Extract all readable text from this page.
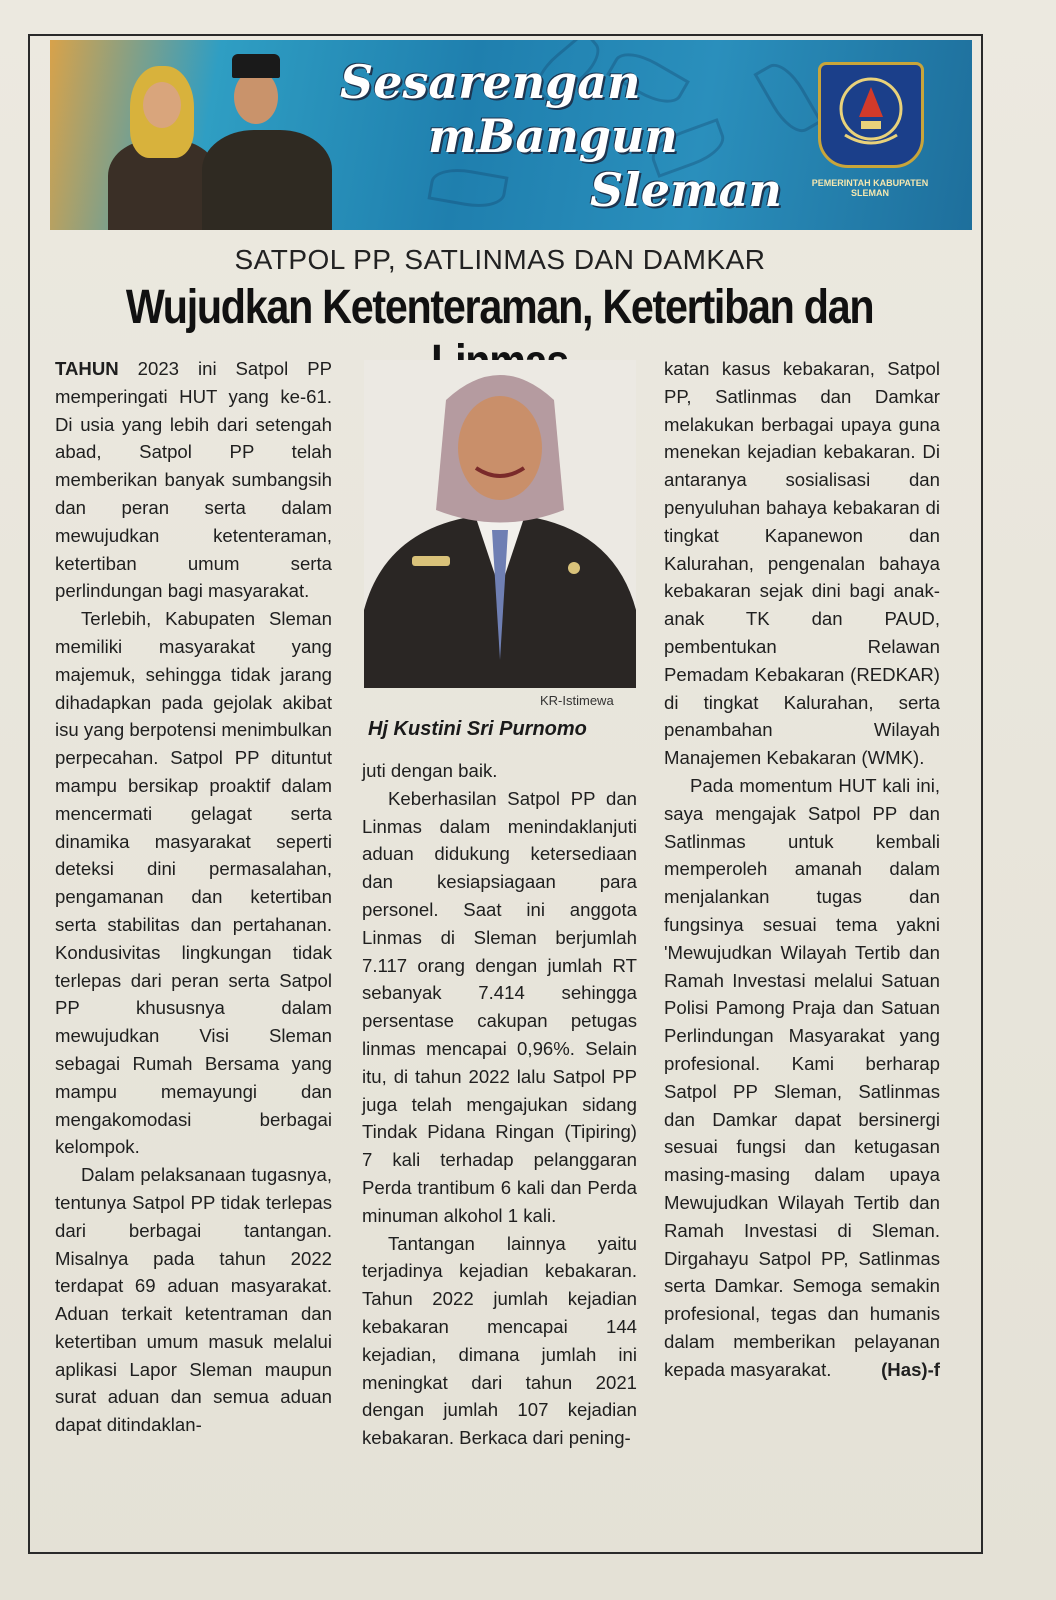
Sesarengan
mBangun
Sleman	PEMERINTAH KABUPATEN SLEMAN
SATPOL PP, SATLINMAS DAN DAMKAR
Wujudkan Ketenteraman, Ketertiban dan

TAHUN 2023 ini Satpol PP memperingati HUT yang ke-61. Di usia yang lebih dari setengah abad, Satpol PP telah memberikan banyak sumbangsih dan peran serta dalam mewujudkan ketenteraman, ketertiban umum serta perlindungan bagi masyarakat.

Terlebih, Kabupaten Sleman memiliki masyarakat yang majemuk, sehingga tidak jarang dihadapkan pada gejolak akibat isu yang berpotensi menimbulkan perpecahan. Satpol PP dituntut mampu bersikap proaktif dalam mencermati gelagat serta dinamika masyarakat seperti deteksi dini permasalahan, pengamanan dan ketertiban serta stabilitas dan pertahanan. Kondusivitas lingkungan tidak terlepas dari peran serta Satpol PP khususnya dalam mewujudkan Visi Sleman sebagai Rumah Bersama yang mampu memayungi dan mengakomodasi berbagai kelompok.

Dalam pelaksanaan tugasnya, tentunya Satpol PP tidak terlepas dari berbagai tantangan. Misalnya pada tahun 2022 terdapat 69 aduan masyarakat. Aduan terkait ketentraman dan ketertiban umum masuk melalui aplikasi Lapor Sleman maupun surat aduan dan semua aduan dapat ditindaklan-

KR-Istimewa
Hj Kustini Sri Purnomo

juti dengan baik.

Keberhasilan Satpol PP dan Linmas dalam menindaklanjuti aduan didukung ketersediaan dan kesiapsiagaan para personel. Saat ini anggota Linmas di Sleman berjumlah 7.117 orang dengan jumlah RT sebanyak 7.414 sehingga persentase cakupan petugas linmas mencapai 0,96%. Selain itu, di tahun 2022 lalu Satpol PP juga telah mengajukan sidang Tindak Pidana Ringan (Tipiring) 7 kali terhadap pelanggaran Perda trantibum 6 kali dan Perda minuman alkohol 1 kali.

Tantangan lainnya yaitu terjadinya kejadian kebakaran. Tahun 2022 jumlah kejadian kebakaran mencapai 144 kejadian, dimana jumlah ini meningkat dari tahun 2021 dengan jumlah 107 kejadian kebakaran. Berkaca dari pening-

katan kasus kebakaran, Satpol PP, Satlinmas dan Damkar melakukan berbagai upaya guna menekan kejadian kebakaran. Di antaranya sosialisasi dan penyuluhan bahaya kebakaran di tingkat Kapanewon dan Kalurahan, pengenalan bahaya kebakaran sejak dini bagi anak-anak TK dan PAUD, pembentukan Relawan Pemadam Kebakaran (REDKAR) di tingkat Kalurahan, serta penambahan Wilayah Manajemen Kebakaran (WMK).

Pada momentum HUT kali ini, saya mengajak Satpol PP dan Satlinmas untuk kembali memperoleh amanah dalam menjalankan tugas dan fungsinya sesuai tema yakni 'Mewujudkan Wilayah Tertib dan Ramah Investasi melalui Satuan Polisi Pamong Praja dan Satuan Perlindungan Masyarakat yang profesional. Kami berharap Satpol PP Sleman, Satlinmas dan Damkar dapat bersinergi sesuai fungsi dan ketugasan masing-masing dalam upaya Mewujudkan Wilayah Tertib dan Ramah Investasi di Sleman. Dirgahayu Satpol PP, Satlinmas serta Damkar. Semoga semakin profesional, tegas dan humanis dalam memberikan pelayanan kepada masyarakat.	(Has)-f
